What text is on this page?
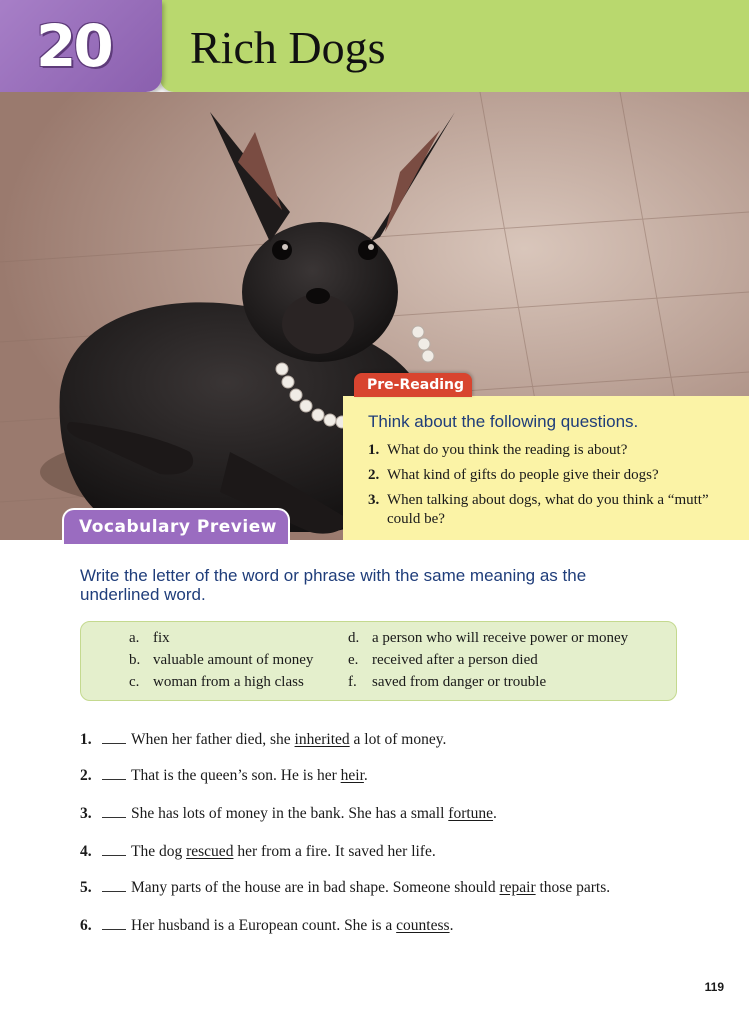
20	Rich Dogs
Pre-Reading
Think about the following questions.
1. What do you think the reading is about?
2. What kind of gifts do people give their dogs?
3. When talking about dogs, what do you think a “mutt” could be?
Vocabulary Preview
Write the letter of the word or phrase with the same meaning as the underlined word.
a. fix
b. valuable amount of money
c. woman from a high class
d. a person who will receive power or money
e. received after a person died
f. saved from danger or trouble
1.	When her father died, she inherited a lot of money.
2.	That is the queen’s son. He is her heir.
3.	She has lots of money in the bank. She has a small fortune.
4.	The dog rescued her from a fire. It saved her life.
5.	Many parts of the house are in bad shape. Someone should repair those parts.
6.	Her husband is a European count. She is a countess.
119
